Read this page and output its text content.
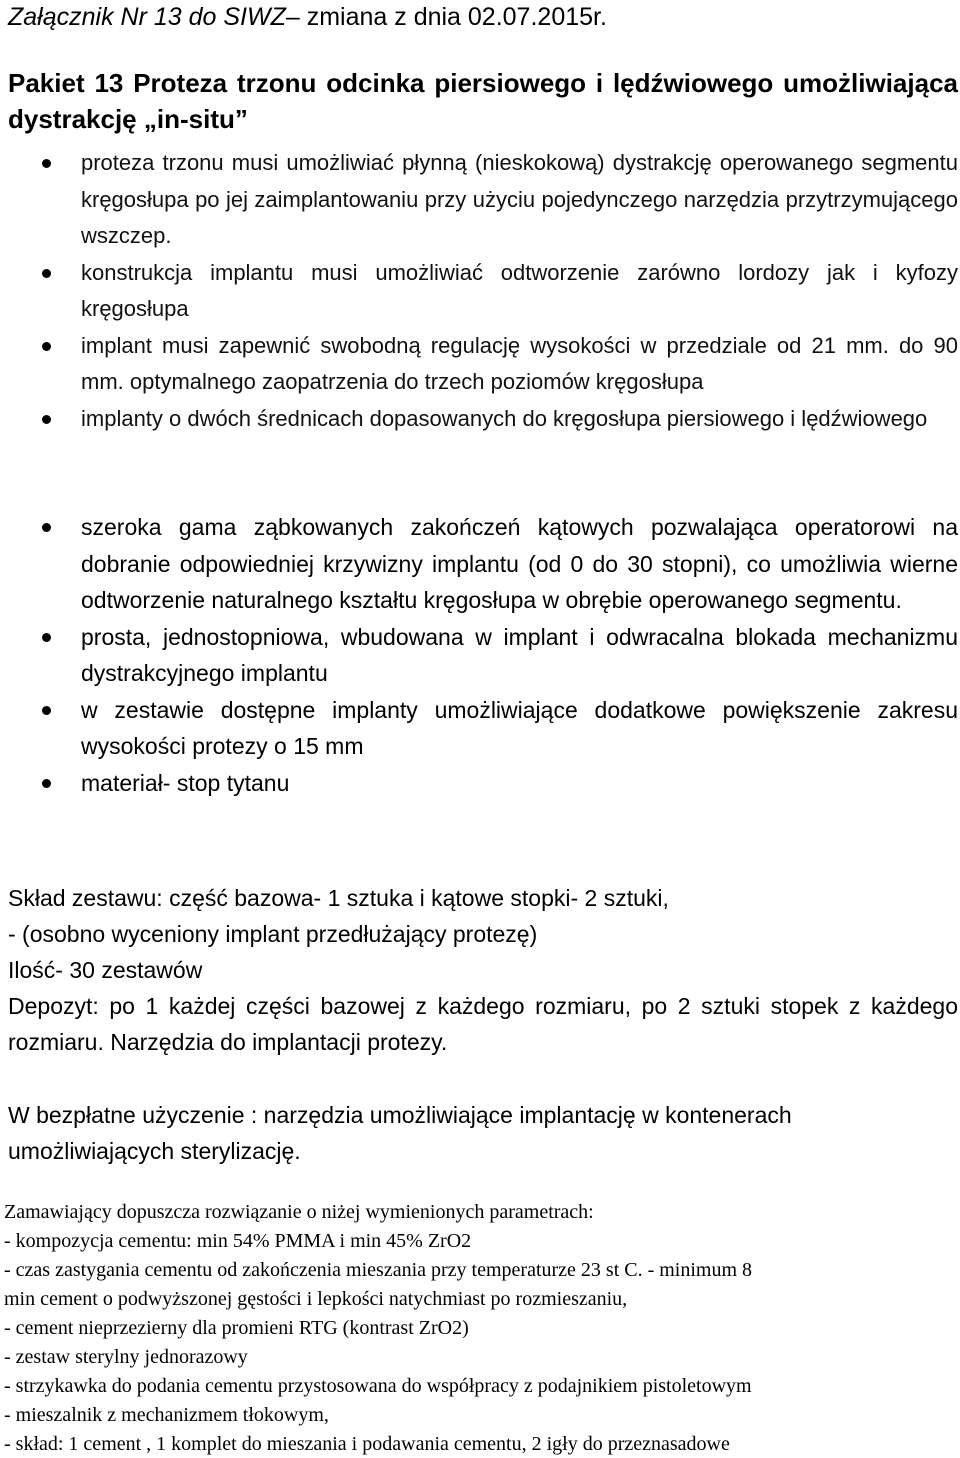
Załącznik Nr 13 do SIWZ– zmiana z dnia 02.07.2015r.
Pakiet 13 Proteza trzonu odcinka piersiowego i lędźwiowego umożliwiająca dystrakcję „in-situ”
proteza trzonu musi umożliwiać płynną (nieskokową) dystrakcję operowanego segmentu kręgosłupa po jej zaimplantowaniu przy użyciu pojedynczego narzędzia przytrzymującego wszczep.
konstrukcja implantu musi umożliwiać odtworzenie zarówno lordozy jak i kyfozy kręgosłupa
implant musi zapewnić swobodną regulację wysokości w przedziale od 21 mm. do 90 mm. optymalnego zaopatrzenia do trzech poziomów kręgosłupa
implanty o dwóch średnicach dopasowanych do kręgosłupa piersiowego i lędźwiowego
szeroka gama ząbkowanych zakończeń kątowych pozwalająca operatorowi na dobranie odpowiedniej krzywizny implantu (od 0 do 30 stopni), co umożliwia wierne odtworzenie naturalnego kształtu kręgosłupa w obrębie operowanego segmentu.
prosta, jednostopniowa, wbudowana w implant i odwracalna blokada mechanizmu dystrakcyjnego implantu
w zestawie dostępne implanty umożliwiające dodatkowe powiększenie zakresu wysokości protezy o 15 mm
materiał- stop tytanu

Skład zestawu: część bazowa- 1 sztuka i kątowe stopki- 2 sztuki,

- (osobno wyceniony implant przedłużający protezę)

Ilość- 30 zestawów

Depozyt: po 1 każdej części bazowej z każdego rozmiaru, po 2 sztuki stopek z każdego rozmiaru. Narzędzia do implantacji protezy.

W bezpłatne użyczenie : narzędzia umożliwiające implantację w kontenerach umożliwiających sterylizację.

Zamawiający dopuszcza rozwiązanie o niżej wymienionych parametrach:

- kompozycja cementu: min 54% PMMA i min 45% ZrO2

- czas zastygania cementu od zakończenia mieszania przy temperaturze 23 st C. - minimum 8

min cement o podwyższonej gęstości i lepkości natychmiast po rozmieszaniu,

- cement nieprzezierny dla promieni RTG (kontrast ZrO2)

- zestaw sterylny jednorazowy

- strzykawka do podania cementu przystosowana do współpracy z podajnikiem pistoletowym

- mieszalnik z mechanizmem tłokowym,

- skład: 1 cement , 1 komplet do mieszania i podawania cementu, 2 igły do przeznasadowe
